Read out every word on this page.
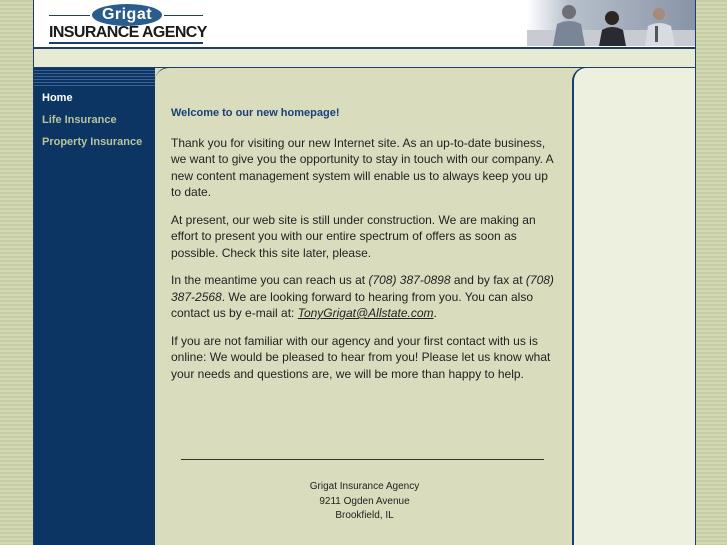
Grigat
INSURANCE AGENCY
Home
Life Insurance
Property Insurance
Welcome to our new homepage!

Thank you for visiting our new Internet site. As an up-to-date business, we want to give you the opportunity to stay in touch with our company. A new content management system will enable us to always keep you up to date.

At present, our web site is still under construction. We are making an effort to present you with our entire spectrum of offers as soon as possible. Check this site later, please.

In the meantime you can reach us at (708) 387-0898 and by fax at (708) 387-2568. We are looking forward to hearing from you. You can also contact us by e-mail at: TonyGrigat@Allstate.com.

If you are not familiar with our agency and your first contact with us is online: We would be pleased to hear from you! Please let us know what your needs and questions are, we will be more than happy to help.

Grigat Insurance Agency
9211 Ogden Avenue
Brookfield, IL
